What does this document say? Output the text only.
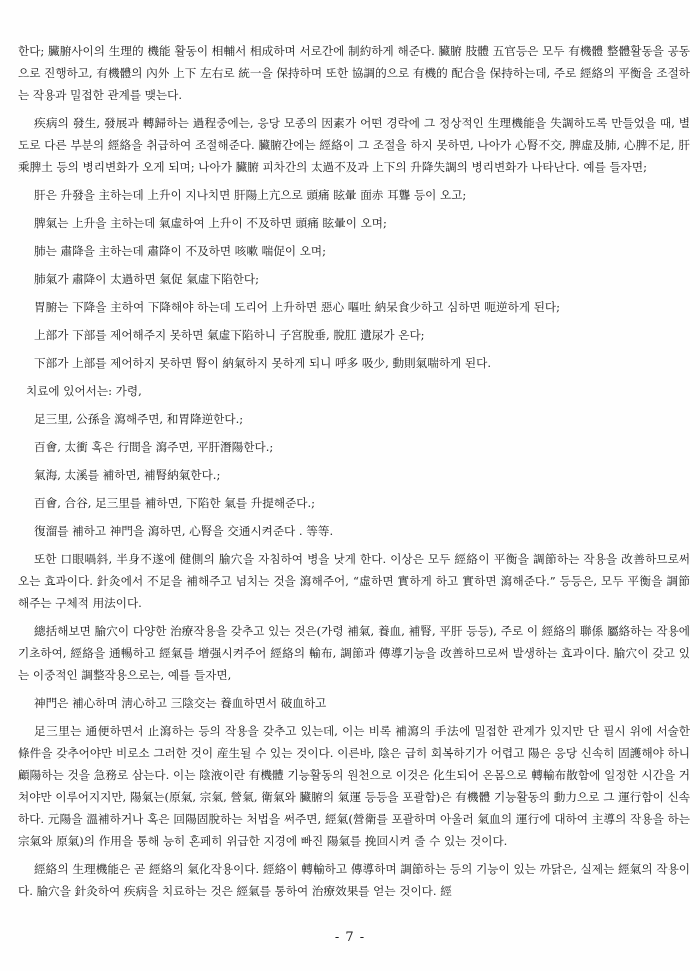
한다; 臟腑사이의 生理的 機能 활동이 相輔서 相成하며 서로간에 制約하게 해준다. 臟腑 肢體 五官등은 모두 有機體 整體활동을 공동으로 진행하고, 有機體의 內外 上下 左右로 統一을 保持하며 또한 協調的으로 有機的 配合을 保持하는데, 주로 經絡의 平衡을 조절하는 작용과 밀접한 관계를 맺는다.

疾病의 發生, 發展과 轉歸하는 過程중에는, 응당 모종의 因素가 어떤 경락에 그 정상적인 生理機能을 失調하도록 만들었을 때, 별도로 다른 부분의 經絡을 취급하여 조절해준다. 臟腑간에는 經絡이 그 조절을 하지 못하면, 나아가 心腎不交, 脾虛及肺, 心脾不足, 肝乘脾土 등의 병리변화가 오게 되며; 나아가 臟腑 피차간의 太過不及과 上下의 升降失調의 병리변화가 나타난다. 예를 들자면;

肝은 升發을 主하는데 上升이 지나치면 肝陽上亢으로 頭痛 眩暈 面赤 耳聾 등이 오고;

脾氣는 上升을 主하는데 氣虛하여 上升이 不及하면 頭痛 眩暈이 오며;

肺는 肅降을 主하는데 肅降이 不及하면 咳嗽 喘促이 오며;

肺氣가 肅降이 太過하면 氣促 氣虛下陷한다;

胃腑는 下降을 主하여 下降해야 하는데 도리어 上升하면 惡心 嘔吐 納呆食少하고 심하면 呃逆하게 된다;

上部가 下部를 제어해주지 못하면 氣虛下陷하니 子宮脫垂, 脫肛 遺尿가 온다;

下部가 上部를 제어하지 못하면 腎이 納氣하지 못하게 되니 呼多 吸少, 動則氣喘하게 된다.

치료에 있어서는: 가령,

足三里, 公孫을 瀉해주면, 和胃降逆한다.;

百會, 太衝 혹은 行間을 瀉주면, 平肝潛陽한다.;

氣海, 太溪를 補하면, 補腎納氣한다.;

百會, 合谷, 足三里를 補하면, 下陷한 氣를 升提해준다.;

復溜를 補하고 神門을 瀉하면, 心腎을 交通시켜준다 . 等等.

또한 口眼喎斜, 半身不遂에 健側의 腧穴을 자침하여 병을 낫게 한다. 이상은 모두 經絡이 平衡을 調節하는 작용을 改善하므로써 오는 효과이다. 針灸에서 不足을 補해주고 넘치는 것을 瀉해주어, “虛하면 實하게 하고 實하면 瀉해준다.” 등등은, 모두 平衡을 調節해주는 구체적 用法이다.

總括해보면 腧穴이 다양한 治療작용을 갖추고 있는 것은(가령 補氣, 養血, 補腎, 平肝 등등), 주로 이 經絡의 聯係 屬絡하는 작용에 기초하여, 經絡을 通暢하고 經氣를 增强시켜주어 經絡의 輸布, 調節과 傳導기능을 改善하므로써 발생하는 효과이다. 腧穴이 갖고 있는 이중적인 調整작용으로는, 예를 들자면,

神門은 補心하며 淸心하고 三陰交는 養血하면서 破血하고

足三里는 通便하면서 止瀉하는 등의 작용을 갖추고 있는데, 이는 비록 補瀉의 手法에 밀접한 관계가 있지만 단 필시 위에 서술한 條件을 갖추어야만 비로소 그러한 것이 産生될 수 있는 것이다. 이른바, 陰은 급히 회복하기가 어렵고 陽은 응당 신속히 固護해야 하니 顧陽하는 것을 急務로 삼는다. 이는 陰液이란 有機體 기능활동의 원천으로 이것은 化生되어 온몸으로 轉輸布散함에 일정한 시간을 거쳐야만 이루어지지만, 陽氣는(原氣, 宗氣, 營氣, 衛氣와 臟腑의 氣運 등등을 포괄함)은 有機體 기능활동의 動力으로 그 運行함이 신속하다. 元陽을 溫補하거나 혹은 回陽固脫하는 처법을 써주면, 經氣(營衛를 포괄하며 아울러 氣血의 運行에 대하여 主導의 작용을 하는 宗氣와 原氣)의 作用을 통해 능히 혼페히 위급한 지경에 빠진 陽氣를 挽回시켜 줄 수 있는 것이다.

經絡의 生理機能은 곧 經絡의 氣化작용이다. 經絡이 轉輸하고 傳導하며 調節하는 등의 기능이 있는 까닭은, 실제는 經氣의 작용이다. 腧穴을 針灸하여 疾病을 치료하는 것은 經氣를 통하여 治療效果를 얻는 것이다. 經

- 7 -
